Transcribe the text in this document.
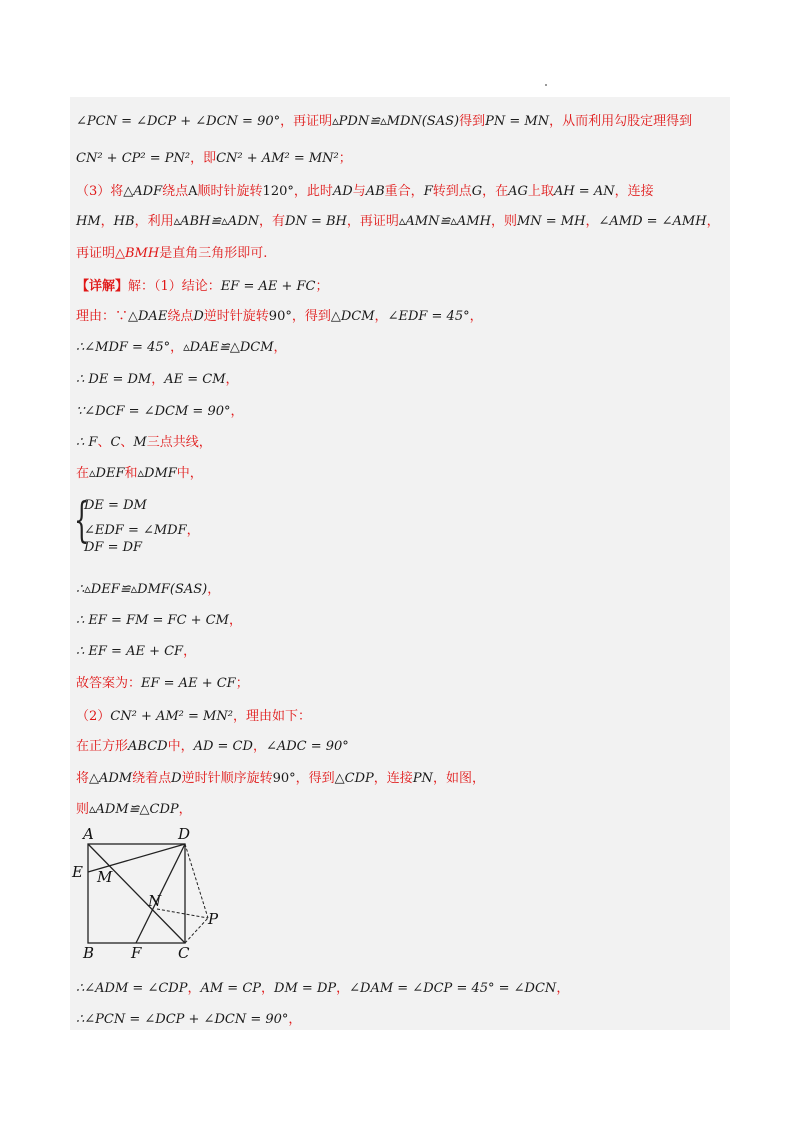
∠PCN = ∠DCP + ∠DCN = 90°，再证明▵PDN≌▵MDN(SAS)得到PN = MN，从而利用勾股定理得到
CN² + CP² = PN²，即CN² + AM² = MN²；
（3）将△ADF绕点A顺时针旋转120°，此时AD与AB重合，F转到点G，在AG上取AH = AN，连接
HM，HB，利用▵ABH≌▵ADN，有DN = BH，再证明▵AMN≌▵AMH，则MN = MH，∠AMD = ∠AMH，
再证明△BMH是直角三角形即可.
【详解】解：（1）结论：EF = AE + FC；
理由：∵△DAE绕点D逆时针旋转90°，得到△DCM，∠EDF = 45°，
∴∠MDF = 45°，▵DAE≌△DCM，
∴ DE = DM，AE = CM，
∵∠DCF = ∠DCM = 90°，
∴ F、C、M三点共线，
在▵DEF和▵DMF中，
∴▵DEF≌▵DMF(SAS)，
∴ EF = FM = FC + CM，
∴ EF = AE + CF，
故答案为：EF = AE + CF；
（2）CN² + AM² = MN²，理由如下：
在正方形ABCD中，AD = CD，∠ADC = 90°
将△ADM绕着点D逆时针顺序旋转90°，得到△CDP，连接PN，如图，
则▵ADM≌△CDP，
∴∠ADM = ∠CDP，AM = CP，DM = DP，∠DAM = ∠DCP = 45° = ∠DCN，
∴∠PCN = ∠DCP + ∠DCN = 90°，
{
DE = DM
∠EDF = ∠MDF，
DF = DF
A	D
E M
N
P
B F C
